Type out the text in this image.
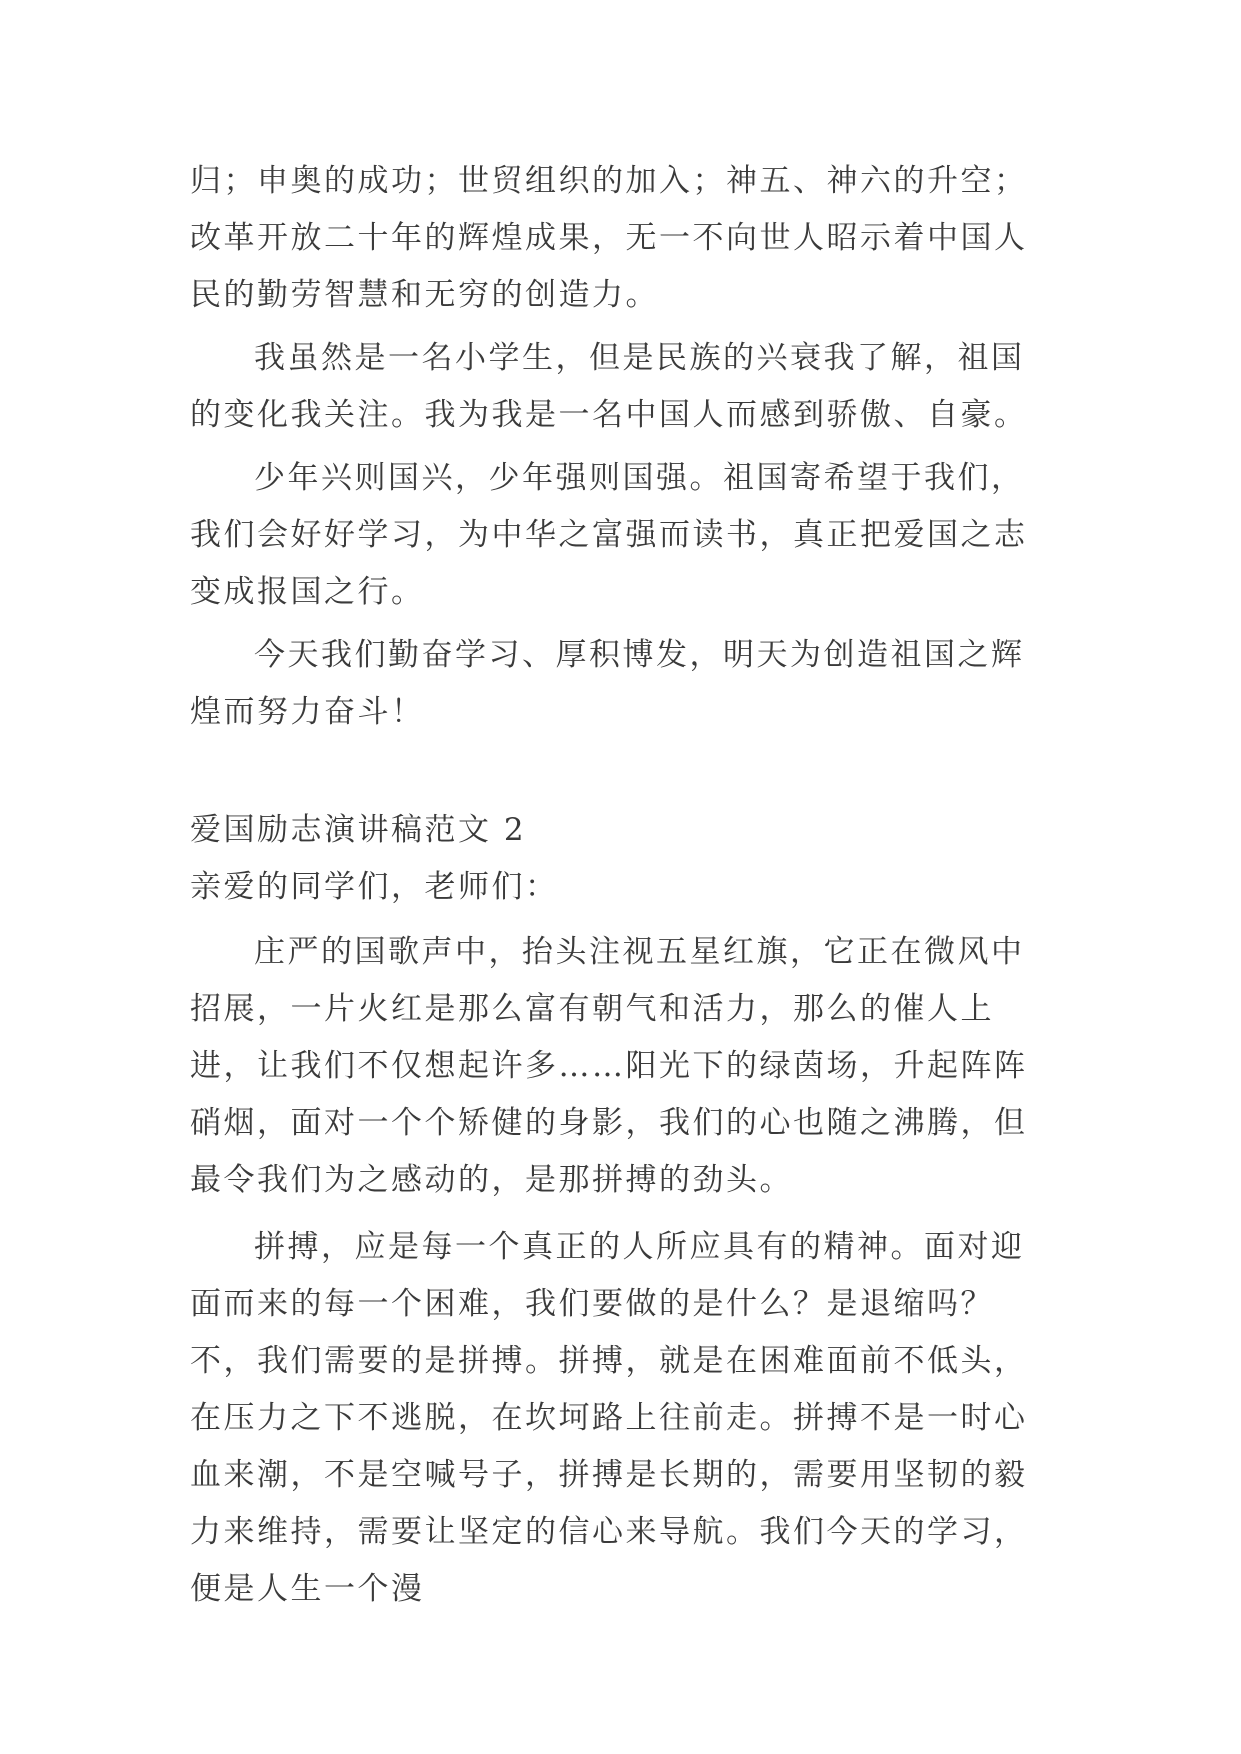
归；申奥的成功；世贸组织的加入；神五、神六的升空；改革开放二十年的辉煌成果，无一不向世人昭示着中国人民的勤劳智慧和无穷的创造力。

我虽然是一名小学生，但是民族的兴衰我了解，祖国的变化我关注。我为我是一名中国人而感到骄傲、自豪。

少年兴则国兴，少年强则国强。祖国寄希望于我们，我们会好好学习，为中华之富强而读书，真正把爱国之志变成报国之行。

今天我们勤奋学习、厚积博发，明天为创造祖国之辉煌而努力奋斗！

爱国励志演讲稿范文 2

亲爱的同学们，老师们：

庄严的国歌声中，抬头注视五星红旗，它正在微风中招展，一片火红是那么富有朝气和活力，那么的催人上进，让我们不仅想起许多……阳光下的绿茵场，升起阵阵硝烟，面对一个个矫健的身影，我们的心也随之沸腾，但最令我们为之感动的，是那拼搏的劲头。

拼搏，应是每一个真正的人所应具有的精神。面对迎面而来的每一个困难，我们要做的是什么？是退缩吗？不，我们需要的是拼搏。拼搏，就是在困难面前不低头，在压力之下不逃脱，在坎坷路上往前走。拼搏不是一时心血来潮，不是空喊号子，拼搏是长期的，需要用坚韧的毅力来维持，需要让坚定的信心来导航。我们今天的学习，便是人生一个漫
